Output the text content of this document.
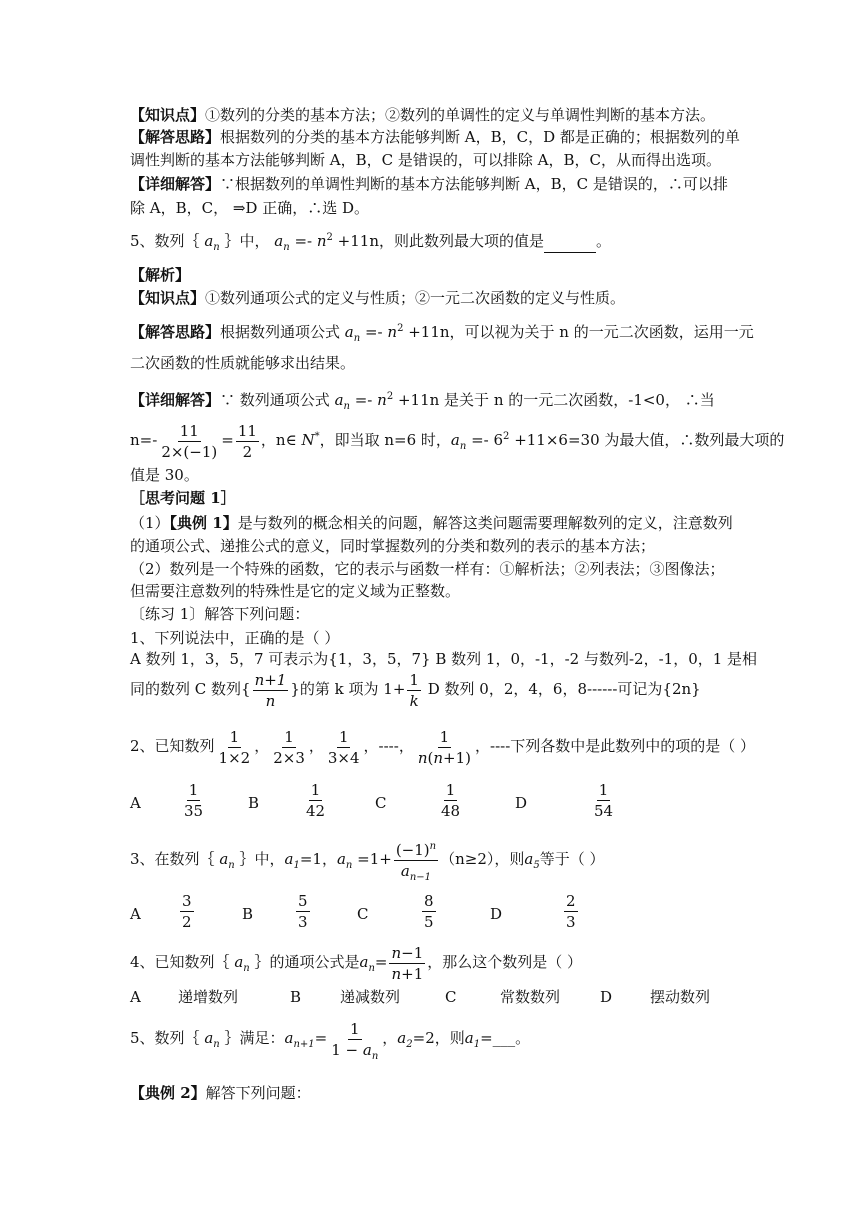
【知识点】①数列的分类的基本方法；②数列的单调性的定义与单调性判断的基本方法。
【解答思路】根据数列的分类的基本方法能够判断 A，B，C，D 都是正确的；根据数列的单
调性判断的基本方法能够判断 A，B，C 是错误的，可以排除 A，B，C，从而得出选项。
【详细解答】∵根据数列的单调性判断的基本方法能够判断 A，B，C 是错误的，∴可以排
除 A，B，C， ⇒D 正确，∴选 D。
5、数列｛ $a_n$ ｝中， $a_n =- n^2 +11n$，则此数列最大项的值是	。
【解析】
【知识点】①数列通项公式的定义与性质；②一元二次函数的定义与性质。
【解答思路】根据数列通项公式 $a_n =- n^2 +11n$，可以视为关于 n 的一元二次函数，运用一元
二次函数的性质就能够求出结果。
【详细解答】∵ 数列通项公式 $a_n =- n^2 +11n$ 是关于 n 的一元二次函数，-1<0， ∴当
$n=- \frac{11}{2\times(-1)} = \frac{11}{2}$ ，n∈ N*，即当取 n=6 时，$a_n =- 6^2 +11\times 6=30$ 为最大值，∴数列最大项的
值是 30。
［思考问题 1］
（1）【典例 1】是与数列的概念相关的问题，解答这类问题需要理解数列的定义，注意数列
的通项公式、递推公式的意义，同时掌握数列的分类和数列的表示的基本方法；
（2）数列是一个特殊的函数，它的表示与函数一样有：①解析法；②列表法；③图像法；
但需要注意数列的特殊性是它的定义域为正整数。
〔练习 1〕解答下列问题：
1、下列说法中，正确的是（ ）
A 数列 1，3，5，7 可表示为{1，3，5，7} B 数列 1，0，-1，-2 与数列-2，-1，0，1 是相
同的数列 C 数列{ $\frac{n+1}{n}$ }的第 k 项为 $1+ \frac{1}{k}$ D 数列 0，2，4，6，8------可记为{2n}
2、已知数列 $\frac{1}{1\times 2}$ ， $\frac{1}{2\times 3}$ ， $\frac{1}{3\times 4}$ ，----， $\frac{1}{n(n+1)}$ ，----下列各数中是此数列中的项的是（ ）
A	$\frac{1}{35}$	B	$\frac{1}{42}$	C	$\frac{1}{48}$	D	$\frac{1}{54}$
3、在数列｛ $a_n$ ｝中，$a_1=1$，$a_n =1+ \frac{(-1)^n}{a_{n-1}} (n\ge 2)$，则$a_5$等于（ ）
A	$\frac{3}{2}$	B	$\frac{5}{3}$	C	$\frac{8}{5}$	D	$\frac{2}{3}$
4、已知数列｛ $a_n$ ｝的通项公式是$a_n= \frac{n-1}{n+1}$ ，那么这个数列是（ ）
A 递增数列	B	递减数列	C	常数数列	D	摆动数列
5、数列｛ $a_n$ ｝满足：$a_{n+1}= \frac{1}{1 - a_n}$ ，$a_2=2$，则$a_1=\_\_\_$。
【典例 2】解答下列问题：
